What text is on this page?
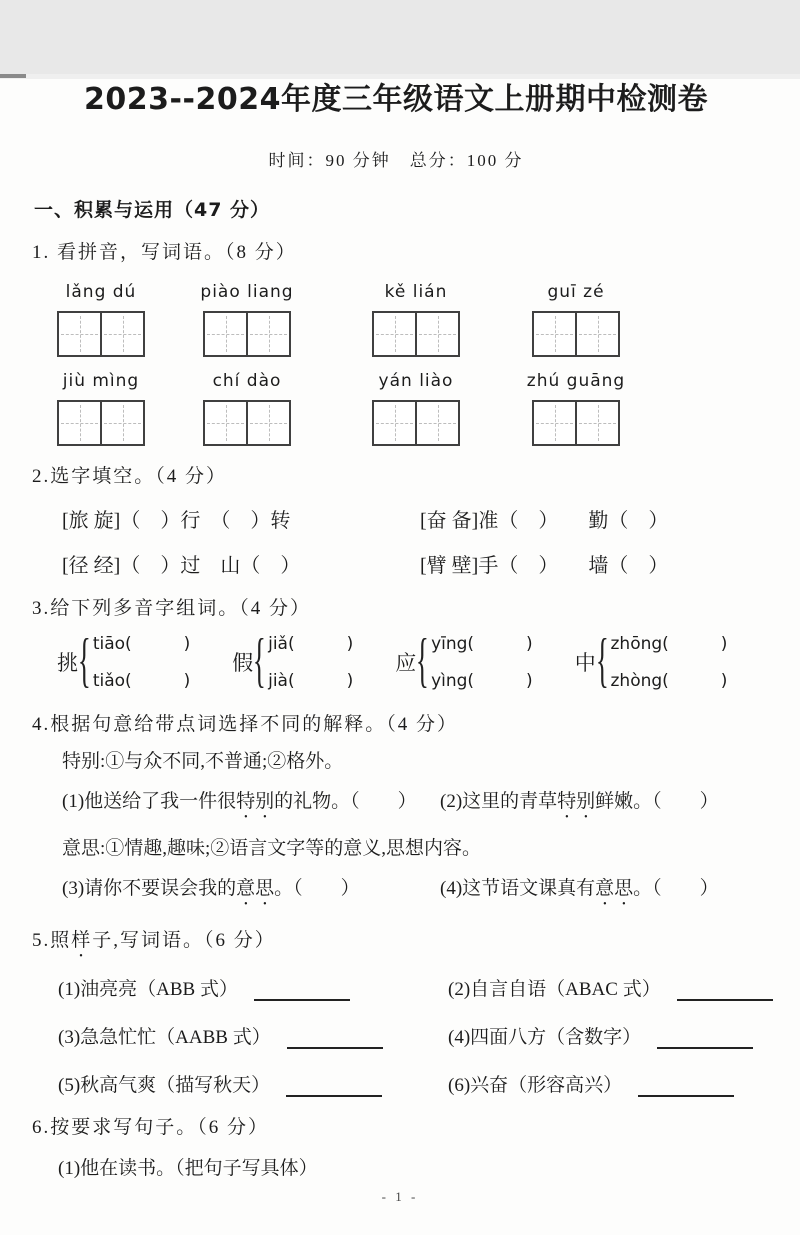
2023--2024年度三年级语文上册期中检测卷
时间：90 分钟　总分：100 分
一、积累与运用（47 分）
1. 看拼音，写词语。（8 分）
lǎng dú	piào liang	kě lián	guī zé
jiù mìng	chí dào	yán liào	zhú guāng
2.选字填空。（4 分）
[旅 旋]（　）行　（　）转	[奋 备]准（　）　　勤（　）
[径 经]（　）过　山（　）	[臂 壁]手（　）　　墙（　）
3.给下列多音字组词。（4 分）
挑 { tiāo(	)
tiǎo(	)
假 { jiǎ(	)
jià(	)
应 { yīng(	)
yìng(	)
中 { zhōng(	)
zhòng(	)
4.根据句意给带点词选择不同的解释。（4 分）
特别:①与众不同,不普通;②格外。
(1)他送给了我一件很特别的礼物。（　　）	(2)这里的青草特别鲜嫩。（　　）
意思:①情趣,趣味;②语言文字等的意义,思想内容。
(3)请你不要误会我的意思。（　　）	(4)这节语文课真有意思。（　　）
5.照样子,写词语。（6 分）
(1)油亮亮（ABB 式）	(2)自言自语（ABAC 式）
(3)急急忙忙（AABB 式）	(4)四面八方（含数字）
(5)秋高气爽（描写秋天）	(6)兴奋（形容高兴）
6.按要求写句子。（6 分）
(1)他在读书。（把句子写具体）
- 1 -
